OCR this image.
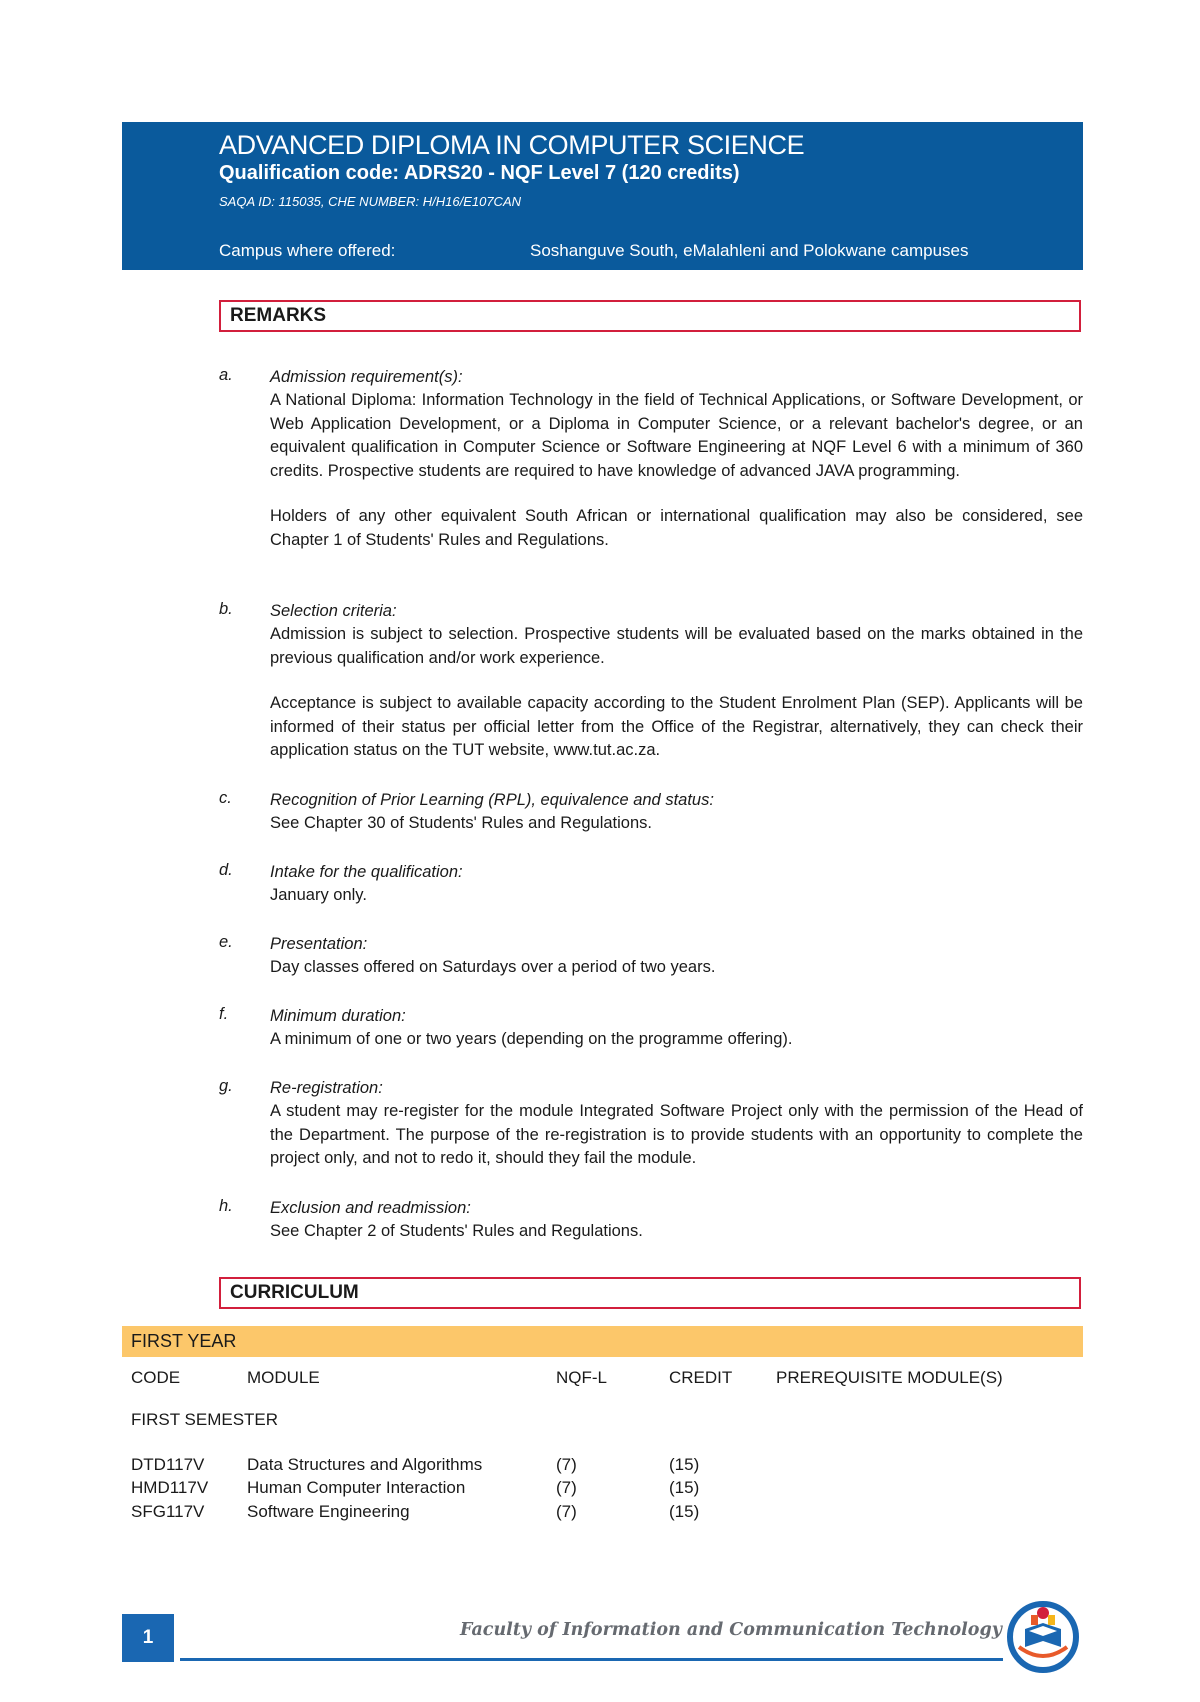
ADVANCED DIPLOMA IN COMPUTER SCIENCE
Qualification code: ADRS20 - NQF Level 7 (120 credits)
SAQA ID: 115035, CHE NUMBER: H/H16/E107CAN
Campus where offered:	Soshanguve South, eMalahleni and Polokwane campuses
REMARKS
a. Admission requirement(s):

A National Diploma: Information Technology in the field of Technical Applications, or Software Development, or Web Application Development, or a Diploma in Computer Science, or a relevant bachelor's degree, or an equivalent qualification in Computer Science or Software Engineering at NQF Level 6 with a minimum of 360 credits. Prospective students are required to have knowledge of advanced JAVA programming.

Holders of any other equivalent South African or international qualification may also be considered, see Chapter 1 of Students' Rules and Regulations.

b. Selection criteria:

Admission is subject to selection. Prospective students will be evaluated based on the marks obtained in the previous qualification and/or work experience.

Acceptance is subject to available capacity according to the Student Enrolment Plan (SEP). Applicants will be informed of their status per official letter from the Office of the Registrar, alternatively, they can check their application status on the TUT website, www.tut.ac.za.

c. Recognition of Prior Learning (RPL), equivalence and status:

See Chapter 30 of Students' Rules and Regulations.

d. Intake for the qualification:

January only.

e. Presentation:

Day classes offered on Saturdays over a period of two years.

f.	Minimum duration:

A minimum of one or two years (depending on the programme offering).

g. Re-registration:

A student may re-register for the module Integrated Software Project only with the permission of the Head of the Department. The purpose of the re-registration is to provide students with an opportunity to complete the project only, and not to redo it, should they fail the module.

h. Exclusion and readmission:

See Chapter 2 of Students' Rules and Regulations.

CURRICULUM
FIRST YEAR
CODE	MODULE	NQF-L	CREDIT	PREREQUISITE MODULE(S)
FIRST SEMESTER
DTD117V	Data Structures and Algorithms	(7)	(15)
HMD117V Human Computer Interaction	(7)	(15)
SFG117V	Software Engineering	(7)	(15)
1	Faculty of Information and Communication Technology
